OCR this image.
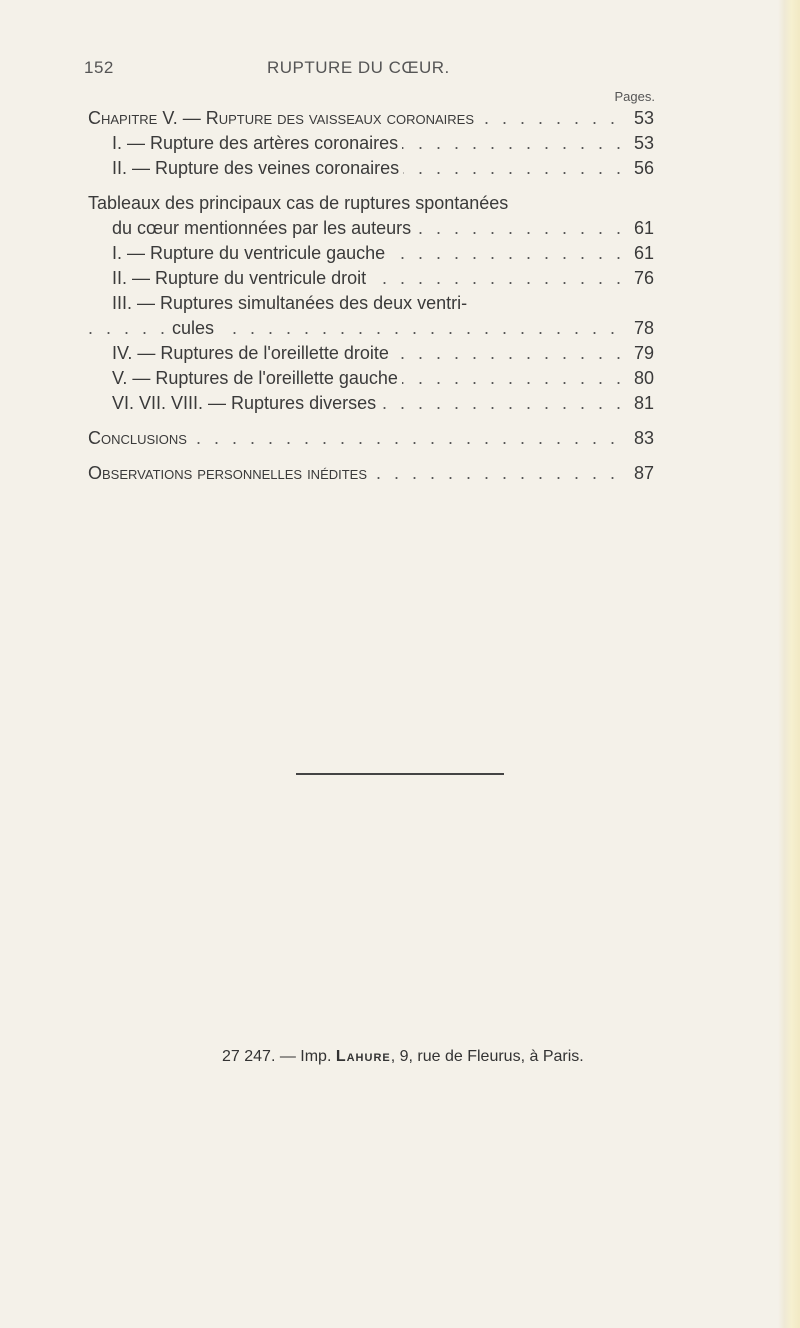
152	RUPTURE DU CŒUR.
Pages.
. . .
Chapitre V. — Rupture des vaisseaux coronaires	53
. . .
I. — Rupture des artères coronaires	53
. . .
II. — Rupture des veines coronaires	56
Tableaux des principaux cas de ruptures spontanées
. . .
du cœur mentionnées par les auteurs	61
. . .
I. — Rupture du ventricule gauche	61
. . .
II. — Rupture du ventricule droit	76
III. — Ruptures simultanées des deux ventri-
. . .
cules	78
. . .
IV. — Ruptures de l'oreillette droite	79
. . .
V. — Ruptures de l'oreillette gauche	80
. . .
VI. VII. VIII. — Ruptures diverses	81
. . .
Conclusions	83
. . .
Observations personnelles inédites	87
27 247. — Imp. Lahure, 9, rue de Fleurus, à Paris.
